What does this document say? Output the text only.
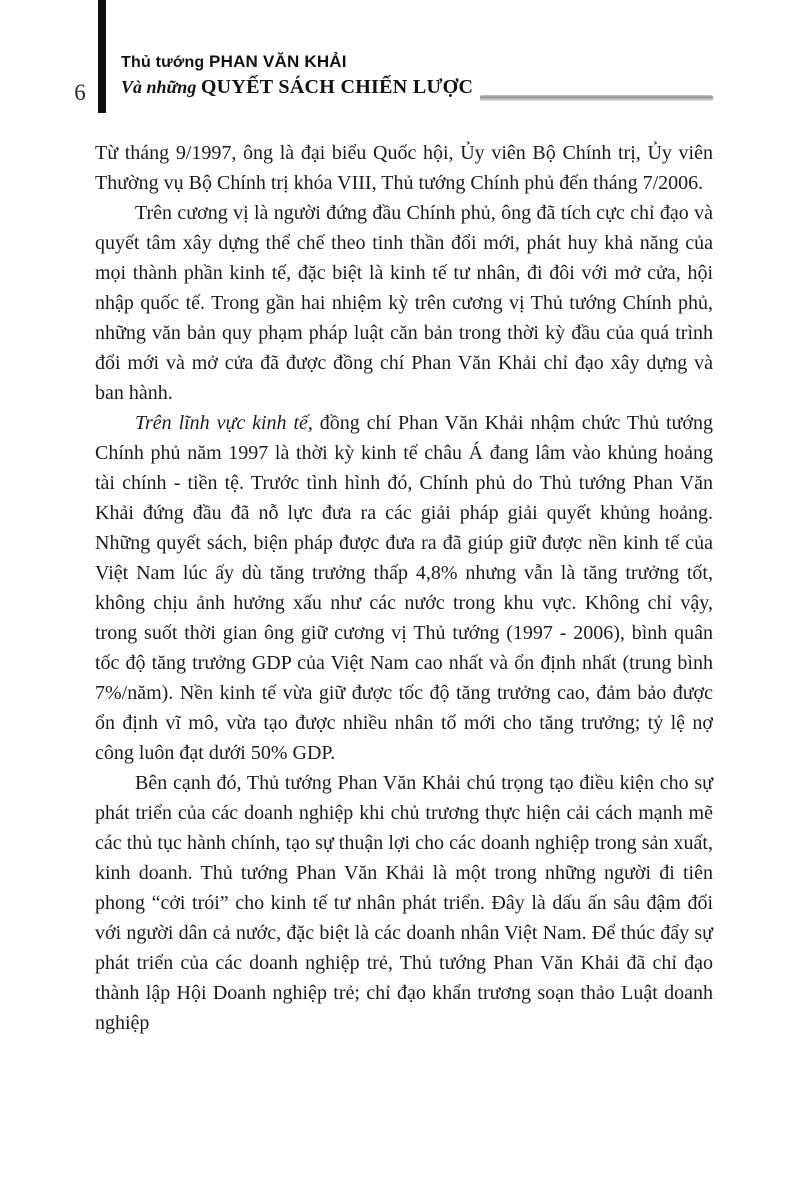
6
Thủ tướng PHAN VĂN KHẢI
Và những QUYẾT SÁCH CHIẾN LƯỢC

Từ tháng 9/1997, ông là đại biểu Quốc hội, Ủy viên Bộ Chính trị, Ủy viên Thường vụ Bộ Chính trị khóa VIII, Thủ tướng Chính phủ đến tháng 7/2006.

Trên cương vị là người đứng đầu Chính phủ, ông đã tích cực chỉ đạo và quyết tâm xây dựng thể chế theo tinh thần đổi mới, phát huy khả năng của mọi thành phần kinh tế, đặc biệt là kinh tế tư nhân, đi đôi với mở cửa, hội nhập quốc tế. Trong gần hai nhiệm kỳ trên cương vị Thủ tướng Chính phủ, những văn bản quy phạm pháp luật căn bản trong thời kỳ đầu của quá trình đổi mới và mở cửa đã được đồng chí Phan Văn Khải chỉ đạo xây dựng và ban hành.

Trên lĩnh vực kinh tế, đồng chí Phan Văn Khải nhậm chức Thủ tướng Chính phủ năm 1997 là thời kỳ kinh tế châu Á đang lâm vào khủng hoảng tài chính - tiền tệ. Trước tình hình đó, Chính phủ do Thủ tướng Phan Văn Khải đứng đầu đã nỗ lực đưa ra các giải pháp giải quyết khủng hoảng. Những quyết sách, biện pháp được đưa ra đã giúp giữ được nền kinh tế của Việt Nam lúc ấy dù tăng trưởng thấp 4,8% nhưng vẫn là tăng trưởng tốt, không chịu ảnh hưởng xấu như các nước trong khu vực. Không chỉ vậy, trong suốt thời gian ông giữ cương vị Thủ tướng (1997 - 2006), bình quân tốc độ tăng trưởng GDP của Việt Nam cao nhất và ổn định nhất (trung bình 7%/năm). Nền kinh tế vừa giữ được tốc độ tăng trưởng cao, đảm bảo được ổn định vĩ mô, vừa tạo được nhiều nhân tố mới cho tăng trưởng; tỷ lệ nợ công luôn đạt dưới 50% GDP.

Bên cạnh đó, Thủ tướng Phan Văn Khải chú trọng tạo điều kiện cho sự phát triển của các doanh nghiệp khi chủ trương thực hiện cải cách mạnh mẽ các thủ tục hành chính, tạo sự thuận lợi cho các doanh nghiệp trong sản xuất, kinh doanh. Thủ tướng Phan Văn Khải là một trong những người đi tiên phong “cởi trói” cho kinh tế tư nhân phát triển. Đây là dấu ấn sâu đậm đối với người dân cả nước, đặc biệt là các doanh nhân Việt Nam. Để thúc đẩy sự phát triển của các doanh nghiệp trẻ, Thủ tướng Phan Văn Khải đã chỉ đạo thành lập Hội Doanh nghiệp trẻ; chỉ đạo khẩn trương soạn thảo Luật doanh nghiệp
